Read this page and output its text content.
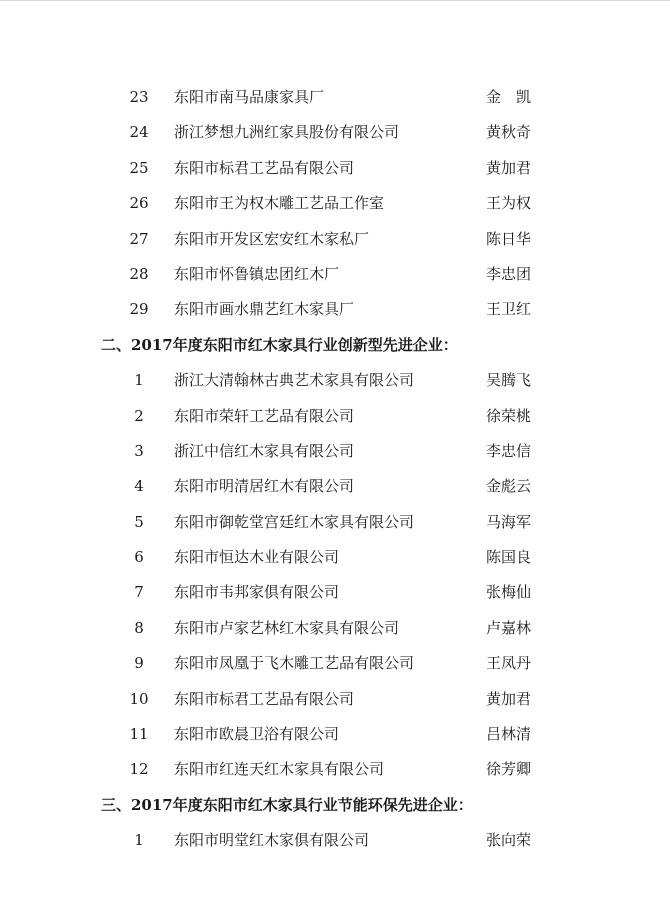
23	东阳市南马品康家具厂	金　凯
24	浙江梦想九洲红家具股份有限公司	黄秋奇
25	东阳市标君工艺品有限公司	黄加君
26	东阳市王为权木雕工艺品工作室	王为权
27	东阳市开发区宏安红木家私厂	陈日华
28	东阳市怀鲁镇忠团红木厂	李忠团
29	东阳市画水鼎艺红木家具厂	王卫红
二、2017年度东阳市红木家具行业创新型先进企业：
1	浙江大清翰林古典艺术家具有限公司	吴腾飞
2	东阳市荣轩工艺品有限公司	徐荣桃
3	浙江中信红木家具有限公司	李忠信
4	东阳市明清居红木有限公司	金彪云
5	东阳市御乾堂宫廷红木家具有限公司	马海军
6	东阳市恒达木业有限公司	陈国良
7	东阳市韦邦家俱有限公司	张梅仙
8	东阳市卢家艺林红木家具有限公司	卢嘉林
9	东阳市凤凰于飞木雕工艺品有限公司	王凤丹
10	东阳市标君工艺品有限公司	黄加君
11	东阳市欧晨卫浴有限公司	吕林清
12	东阳市红连天红木家具有限公司	徐芳卿
三、2017年度东阳市红木家具行业节能环保先进企业：
1	东阳市明堂红木家俱有限公司	张向荣
